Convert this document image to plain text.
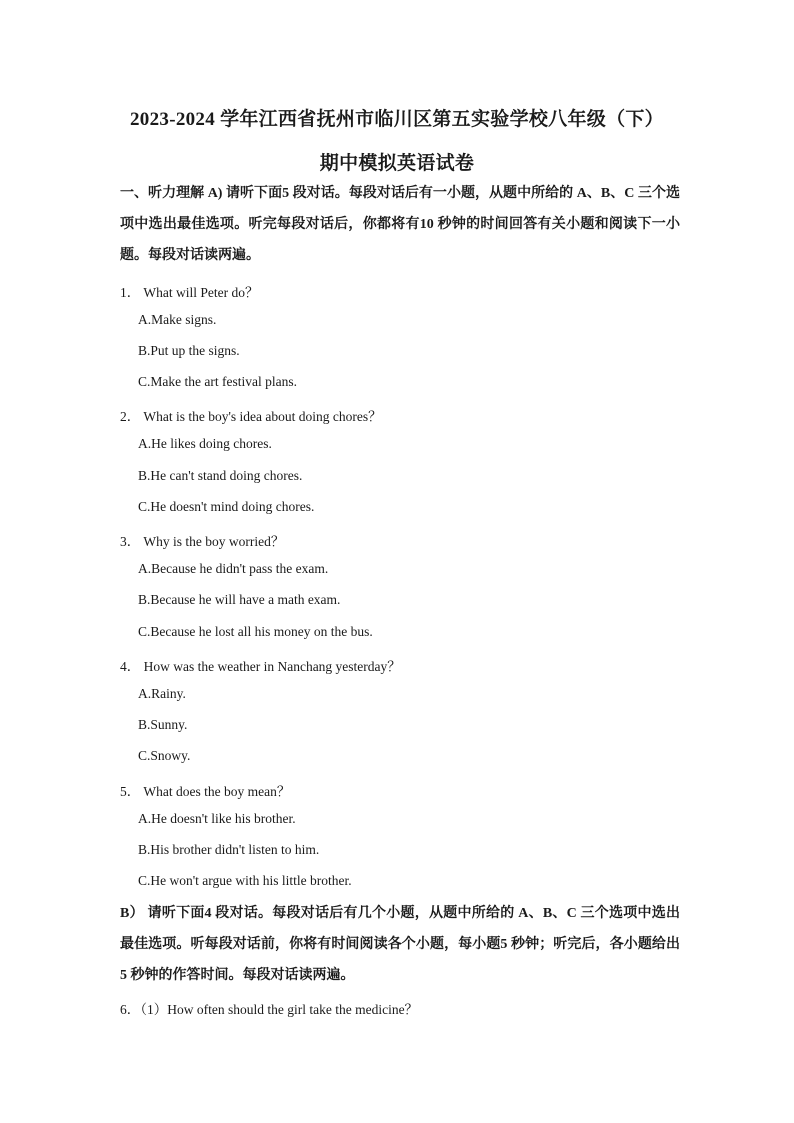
2023-2024 学年江西省抚州市临川区第五实验学校八年级（下）
期中模拟英语试卷
一、听力理解 A) 请听下面5 段对话。每段对话后有一小题，从题中所给的 A、B、C 三个选项中选出最佳选项。听完每段对话后，你都将有10 秒钟的时间回答有关小题和阅读下一小题。每段对话读两遍。
1． What will Peter do？
A.Make signs.
B.Put up the signs.
C.Make the art festival plans.
2． What is the boy's idea about doing chores？
A.He likes doing chores.
B.He can't stand doing chores.
C.He doesn't mind doing chores.
3． Why is the boy worried？
A.Because he didn't pass the exam.
B.Because he will have a math exam.
C.Because he lost all his money on the bus.
4． How was the weather in Nanchang yesterday？
A.Rainy.
B.Sunny.
C.Snowy.
5． What does the boy mean？
A.He doesn't like his brother.
B.His brother didn't listen to him.
C.He won't argue with his little brother.
B） 请听下面4 段对话。每段对话后有几个小题，从题中所给的 A、B、C 三个选项中选出最佳选项。听每段对话前，你将有时间阅读各个小题，每小题5 秒钟；听完后，各小题给出5 秒钟的作答时间。每段对话读两遍。
6．（1）How often should the girl take the medicine？
